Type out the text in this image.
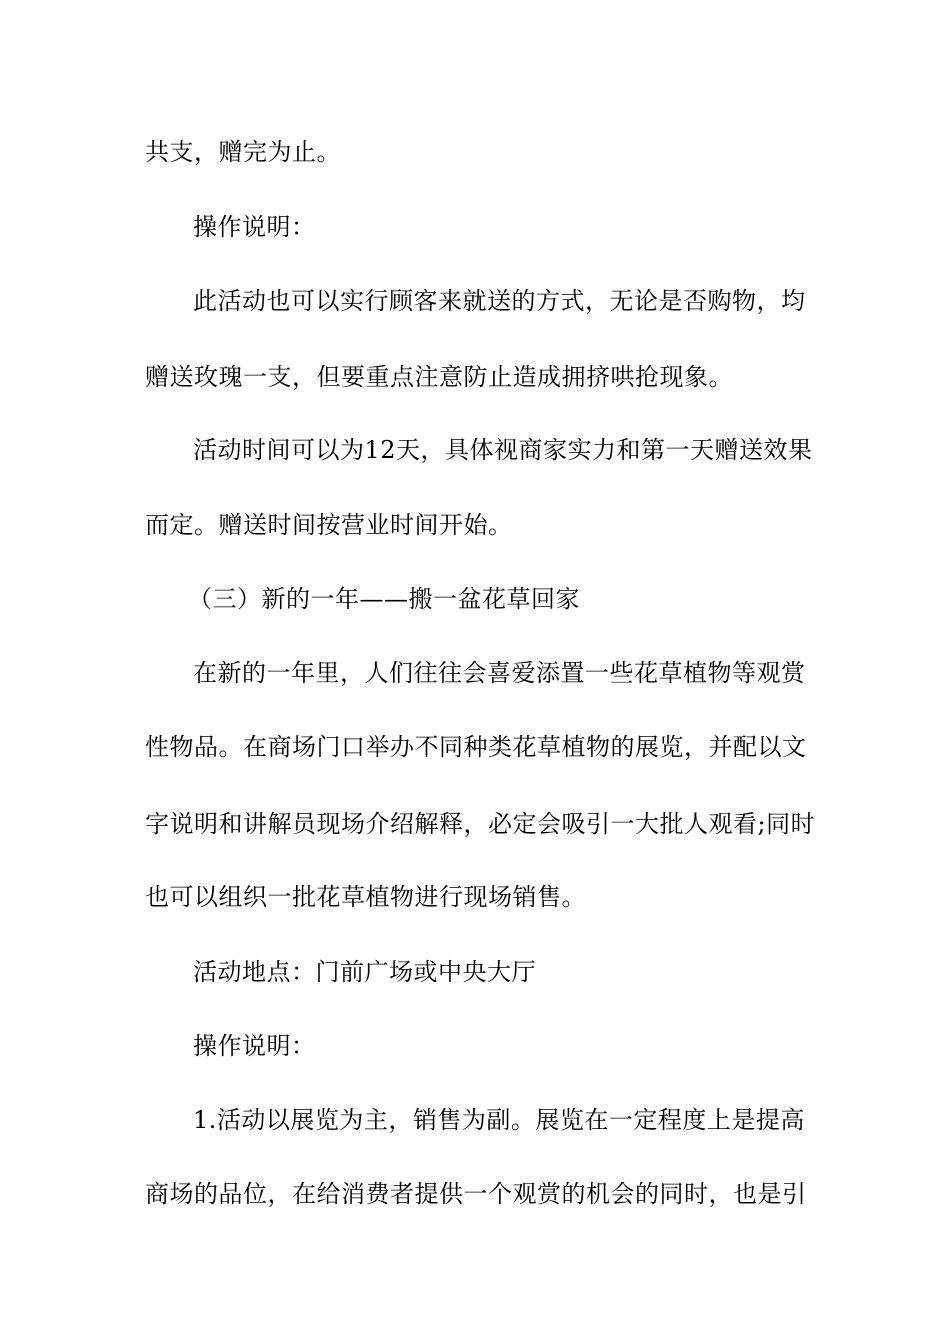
共支，赠完为止。

操作说明：

此活动也可以实行顾客来就送的方式，无论是否购物，均

赠送玫瑰一支，但要重点注意防止造成拥挤哄抢现象。

活动时间可以为12天，具体视商家实力和第一天赠送效果

而定。赠送时间按营业时间开始。

（三）新的一年——搬一盆花草回家

在新的一年里，人们往往会喜爱添置一些花草植物等观赏

性物品。在商场门口举办不同种类花草植物的展览，并配以文

字说明和讲解员现场介绍解释，必定会吸引一大批人观看;同时

也可以组织一批花草植物进行现场销售。

活动地点：门前广场或中央大厅

操作说明：

1.活动以展览为主，销售为副。展览在一定程度上是提高

商场的品位，在给消费者提供一个观赏的机会的同时，也是引
